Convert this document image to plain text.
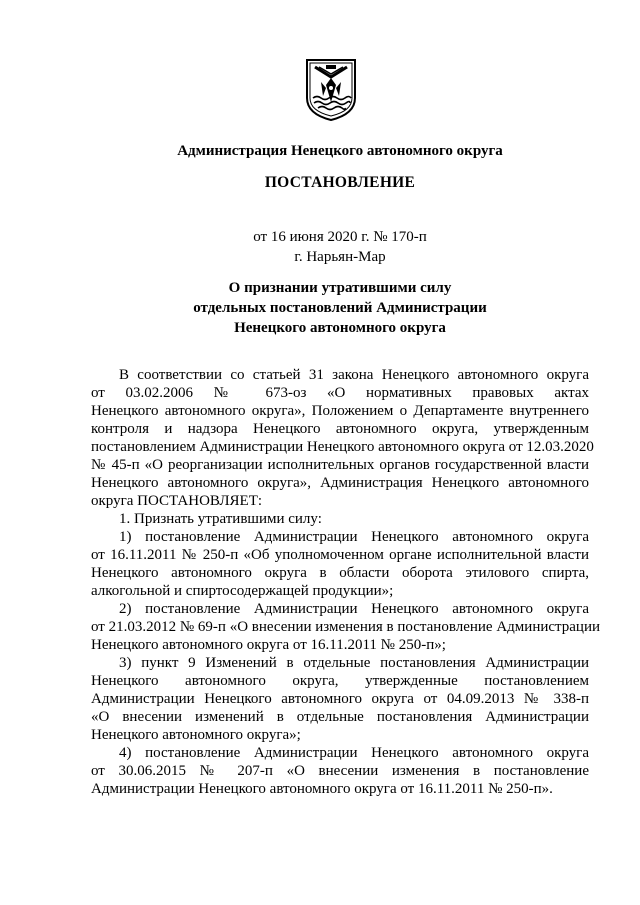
Администрация Ненецкого автономного округа
ПОСТАНОВЛЕНИЕ
от 16 июня 2020 г. № 170-п
г. Нарьян-Мар
О признании утратившими силу
отдельных постановлений Администрации
Ненецкого автономного округа
В соответствии со статьей 31 закона Ненецкого автономного округа
от 03.02.2006 № 673-оз «О нормативных правовых актах
Ненецкого автономного округа», Положением о Департаменте внутреннего
контроля и надзора Ненецкого автономного округа, утвержденным
постановлением Администрации Ненецкого автономного округа от 12.03.2020
№ 45-п «О реорганизации исполнительных органов государственной власти
Ненецкого автономного округа», Администрация Ненецкого автономного
округа ПОСТАНОВЛЯЕТ:
1. Признать утратившими силу:
1) постановление Администрации Ненецкого автономного округа
от 16.11.2011 № 250-п «Об уполномоченном органе исполнительной власти
Ненецкого автономного округа в области оборота этилового спирта,
алкогольной и спиртосодержащей продукции»;
2) постановление Администрации Ненецкого автономного округа
от 21.03.2012 № 69-п «О внесении изменения в постановление Администрации
Ненецкого автономного округа от 16.11.2011 № 250-п»;
3) пункт 9 Изменений в отдельные постановления Администрации
Ненецкого автономного округа, утвержденные постановлением
Администрации Ненецкого автономного округа от 04.09.2013 № 338-п
«О внесении изменений в отдельные постановления Администрации
Ненецкого автономного округа»;
4) постановление Администрации Ненецкого автономного округа
от 30.06.2015 № 207-п «О внесении изменения в постановление
Администрации Ненецкого автономного округа от 16.11.2011 № 250-п».
